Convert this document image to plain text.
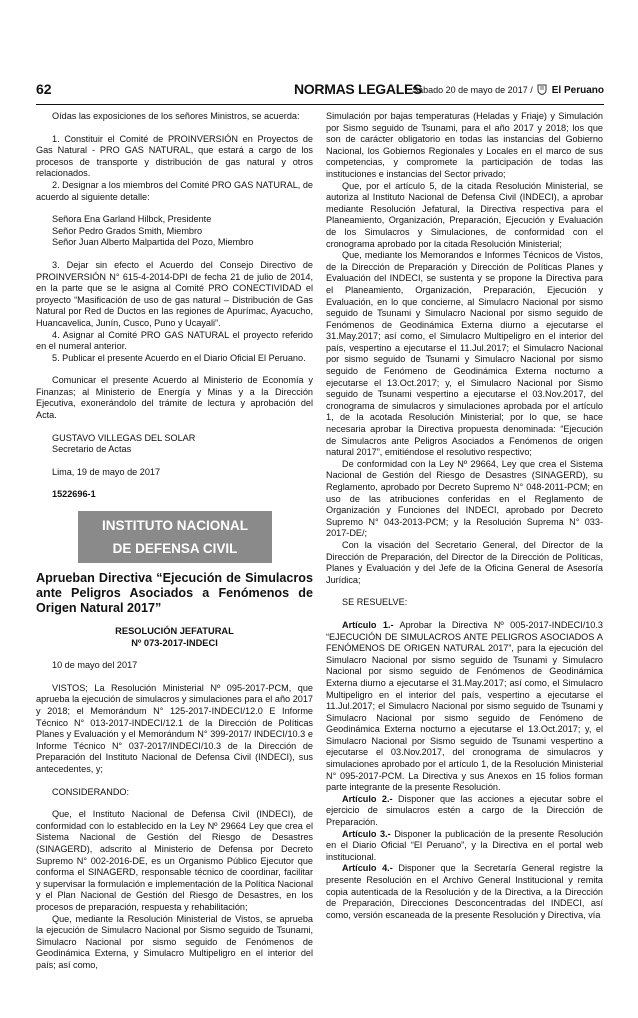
62	NORMAS LEGALES
Sábado 20 de mayo de 2017 / El Peruano

Oídas las exposiciones de los señores Ministros, se acuerda:

1. Constituir el Comité de PROINVERSIÓN en Proyectos de Gas Natural - PRO GAS NATURAL, que estará a cargo de los procesos de transporte y distribución de gas natural y otros relacionados.

2. Designar a los miembros del Comité PRO GAS NATURAL, de acuerdo al siguiente detalle:

Señora Ena Garland Hilbck, Presidente

Señor Pedro Grados Smith, Miembro

Señor Juan Alberto Malpartida del Pozo, Miembro

3. Dejar sin efecto el Acuerdo del Consejo Directivo de PROINVERSIÓN N° 615-4-2014-DPI de fecha 21 de julio de 2014, en la parte que se le asigna al Comité PRO CONECTIVIDAD el proyecto “Masificación de uso de gas natural – Distribución de Gas Natural por Red de Ductos en las regiones de Apurímac, Ayacucho, Huancavelica, Junín, Cusco, Puno y Ucayali”.

4. Asignar al Comité PRO GAS NATURAL el proyecto referido en el numeral anterior.

5. Publicar el presente Acuerdo en el Diario Oficial El Peruano.

Comunicar el presente Acuerdo al Ministerio de Economía y Finanzas; al Ministerio de Energía y Minas y a la Dirección Ejecutiva, exonerándolo del trámite de lectura y aprobación del Acta.

GUSTAVO VILLEGAS DEL SOLAR

Secretario de Actas

Lima, 19 de mayo de 2017

1522696-1

INSTITUTO NACIONAL
DE DEFENSA CIVIL
Aprueban Directiva “Ejecución de Simulacros ante Peligros Asociados a Fenómenos de Origen Natural 2017”
RESOLUCIÓN JEFATURAL
Nº 073-2017-INDECI

10 de mayo del 2017

VISTOS; La Resolución Ministerial Nº 095-2017-PCM, que aprueba la ejecución de simulacros y simulaciones para el año 2017 y 2018; el Memorándum N° 125-2017-INDECI/12.0 E Informe Técnico N° 013-2017-INDECI/12.1 de la Dirección de Políticas Planes y Evaluación y el Memorándum N° 399-2017/ INDECI/10.3 e Informe Técnico N° 037-2017/INDECI/10.3 de la Dirección de Preparación del Instituto Nacional de Defensa Civil (INDECI), sus antecedentes, y;

CONSIDERANDO:

Que, el Instituto Nacional de Defensa Civil (INDECI), de conformidad con lo establecido en la Ley Nº 29664 Ley que crea el Sistema Nacional de Gestión del Riesgo de Desastres (SINAGERD), adscrito al Ministerio de Defensa por Decreto Supremo N° 002-2016-DE, es un Organismo Público Ejecutor que conforma el SINAGERD, responsable técnico de coordinar, facilitar y supervisar la formulación e implementación de la Política Nacional y el Plan Nacional de Gestión del Riesgo de Desastres, en los procesos de preparación, respuesta y rehabilitación;

Que, mediante la Resolución Ministerial de Vistos, se aprueba la ejecución de Simulacro Nacional por Sismo seguido de Tsunami, Simulacro Nacional por sismo seguido de Fenómenos de Geodinámica Externa, y Simulacro Multipeligro en el interior del país; así como,

Simulación por bajas temperaturas (Heladas y Friaje) y Simulación por Sismo seguido de Tsunami, para el año 2017 y 2018; los que son de carácter obligatorio en todas las instancias del Gobierno Nacional, los Gobiernos Regionales y Locales en el marco de sus competencias, y compromete la participación de todas las instituciones e instancias del Sector privado;

Que, por el artículo 5, de la citada Resolución Ministerial, se autoriza al Instituto Nacional de Defensa Civil (INDECI), a aprobar mediante Resolución Jefatural, la Directiva respectiva para el Planeamiento, Organización, Preparación, Ejecución y Evaluación de los Simulacros y Simulaciones, de conformidad con el cronograma aprobado por la citada Resolución Ministerial;

Que, mediante los Memorandos e Informes Técnicos de Vistos, de la Dirección de Preparación y Dirección de Políticas Planes y Evaluación del INDECI, se sustenta y se propone la Directiva para el Planeamiento, Organización, Preparación, Ejecución y Evaluación, en lo que concierne, al Simulacro Nacional por sismo seguido de Tsunami y Simulacro Nacional por sismo seguido de Fenómenos de Geodinámica Externa diurno a ejecutarse el 31.May.2017; así como, el Simulacro Multipeligro en el interior del país, vespertino a ejecutarse el 11.Jul.2017; el Simulacro Nacional por sismo seguido de Tsunami y Simulacro Nacional por sismo seguido de Fenómeno de Geodinámica Externa nocturno a ejecutarse el 13.Oct.2017; y, el Simulacro Nacional por Sismo seguido de Tsunami vespertino a ejecutarse el 03.Nov.2017, del cronograma de simulacros y simulaciones aprobada por el artículo 1, de la acotada Resolución Ministerial; por lo que, se hace necesaria aprobar la Directiva propuesta denominada: “Ejecución de Simulacros ante Peligros Asociados a Fenómenos de origen natural 2017”, emitiéndose el resolutivo respectivo;

De conformidad con la Ley Nº 29664, Ley que crea el Sistema Nacional de Gestión del Riesgo de Desastres (SINAGERD), su Reglamento, aprobado por Decreto Supremo N° 048-2011-PCM; en uso de las atribuciones conferidas en el Reglamento de Organización y Funciones del INDECI, aprobado por Decreto Supremo N° 043-2013-PCM; y la Resolución Suprema N° 033-2017-DE/;

Con la visación del Secretario General, del Director de la Dirección de Preparación, del Director de la Dirección de Políticas, Planes y Evaluación y del Jefe de la Oficina General de Asesoría Jurídica;

SE RESUELVE:

Artículo 1.- Aprobar la Directiva Nº 005-2017-INDECI/10.3 “EJECUCIÓN DE SIMULACROS ANTE PELIGROS ASOCIADOS A FENÓMENOS DE ORIGEN NATURAL 2017”, para la ejecución del Simulacro Nacional por sismo seguido de Tsunami y Simulacro Nacional por sismo seguido de Fenómenos de Geodinámica Externa diurno a ejecutarse el 31.May.2017; así como, el Simulacro Multipeligro en el interior del país, vespertino a ejecutarse el 11.Jul.2017; el Simulacro Nacional por sismo seguido de Tsunami y Simulacro Nacional por sismo seguido de Fenómeno de Geodinámica Externa nocturno a ejecutarse el 13.Oct.2017; y, el Simulacro Nacional por Sismo seguido de Tsunami vespertino a ejecutarse el 03.Nov.2017, del cronograma de simulacros y simulaciones aprobado por el artículo 1, de la Resolución Ministerial N° 095-2017-PCM. La Directiva y sus Anexos en 15 folios forman parte integrante de la presente Resolución.

Artículo 2.- Disponer que las acciones a ejecutar sobre el ejercicio de simulacros estén a cargo de la Dirección de Preparación.

Artículo 3.- Disponer la publicación de la presente Resolución en el Diario Oficial “El Peruano”, y la Directiva en el portal web institucional.

Artículo 4.- Disponer que la Secretaría General registre la presente Resolución en el Archivo General Institucional y remita copia autenticada de la Resolución y de la Directiva, a la Dirección de Preparación, Direcciones Desconcentradas del INDECI, así como, versión escaneada de la presente Resolución y Directiva, vía
